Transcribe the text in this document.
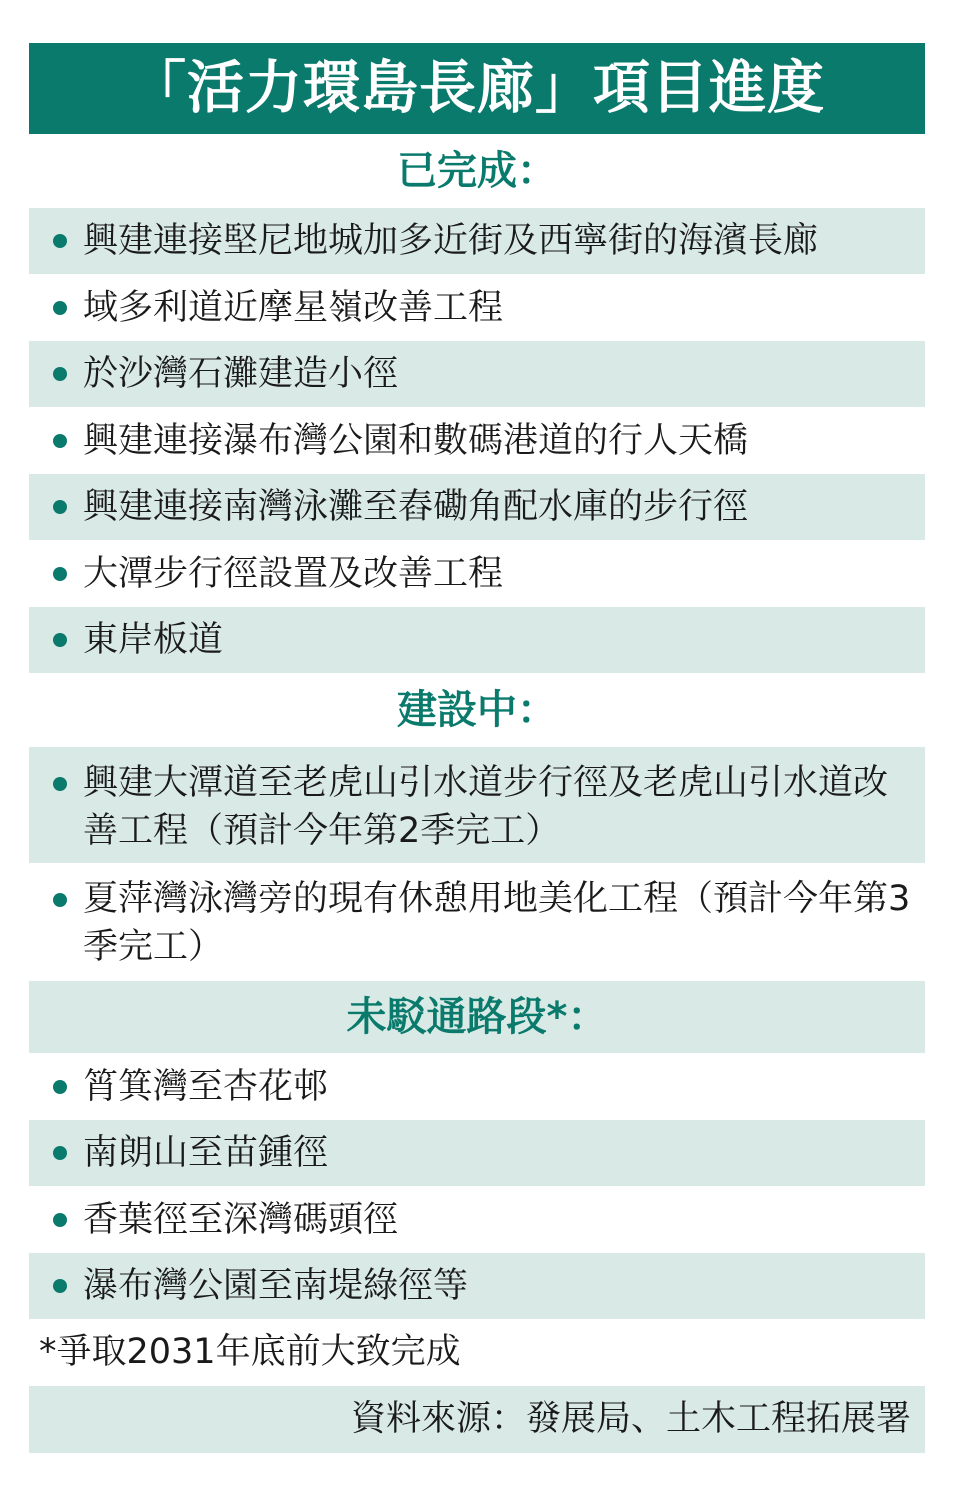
「活力環島長廊」項目進度
已完成：
興建連接堅尼地城加多近街及西寧街的海濱長廊
域多利道近摩星嶺改善工程
於沙灣石灘建造小徑
興建連接瀑布灣公園和數碼港道的行人天橋
興建連接南灣泳灘至舂磡角配水庫的步行徑
大潭步行徑設置及改善工程
東岸板道
建設中：
興建大潭道至老虎山引水道步行徑及老虎山引水道改善工程（預計今年第2季完工）
夏萍灣泳灣旁的現有休憩用地美化工程（預計今年第3季完工）
未駁通路段*：
筲箕灣至杏花邨
南朗山至苗鍾徑
香葉徑至深灣碼頭徑
瀑布灣公園至南堤綠徑等
*爭取2031年底前大致完成
資料來源：發展局、土木工程拓展署
